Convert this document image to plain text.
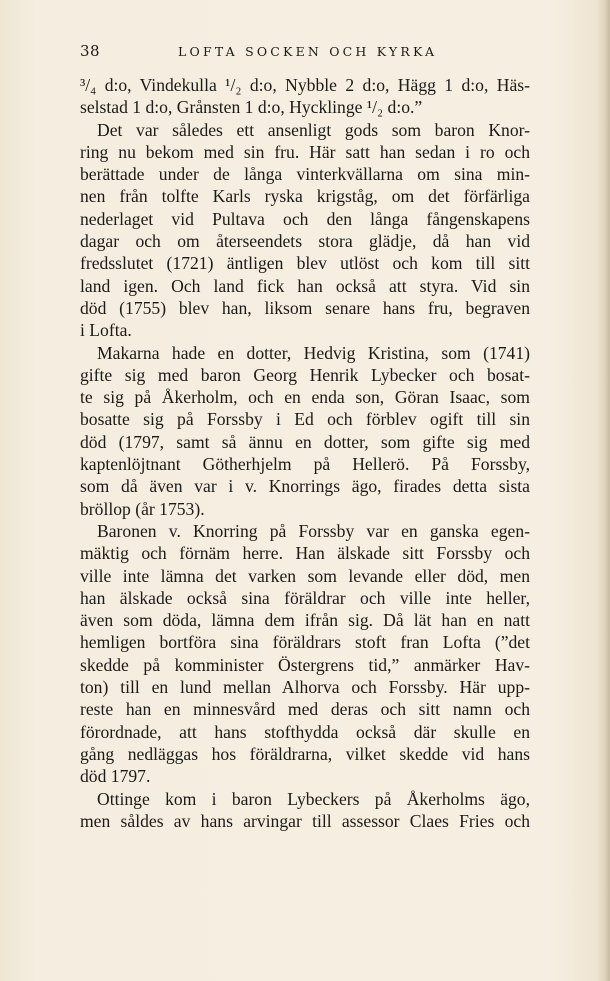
38	LOFTA SOCKEN OCH KYRKA
³/₄ d:o, Vindekulla ¹/₂ d:o, Nybble 2 d:o, Hägg 1 d:o, Häs-
selstad 1 d:o, Grånsten 1 d:o, Hycklinge ¹/₂ d:o.”
Det var således ett ansenligt gods som baron Knor-
ring nu bekom med sin fru. Här satt han sedan i ro och
berättade under de långa vinterkvällarna om sina min-
nen från tolfte Karls ryska krigståg, om det förfärliga
nederlaget vid Pultava och den långa fångenskapens
dagar och om återseendets stora glädje, då han vid
fredsslutet (1721) äntligen blev utlöst och kom till sitt
land igen. Och land fick han också att styra. Vid sin
död (1755) blev han, liksom senare hans fru, begraven
i Lofta.
Makarna hade en dotter, Hedvig Kristina, som (1741)
gifte sig med baron Georg Henrik Lybecker och bosat-
te sig på Åkerholm, och en enda son, Göran Isaac, som
bosatte sig på Forssby i Ed och förblev ogift till sin
död (1797, samt så ännu en dotter, som gifte sig med
kaptenlöjtnant Götherhjelm på Hellerö. På Forssby,
som då även var i v. Knorrings ägo, firades detta sista
bröllop (år 1753).
Baronen v. Knorring på Forssby var en ganska egen-
mäktig och förnäm herre. Han älskade sitt Forssby och
ville inte lämna det varken som levande eller död, men
han älskade också sina föräldrar och ville inte heller,
även som döda, lämna dem ifrån sig. Då lät han en natt
hemligen bortföra sina föräldrars stoft fran Lofta (”det
skedde på komminister Östergrens tid,” anmärker Hav-
ton) till en lund mellan Alhorva och Forssby. Här upp-
reste han en minnesvård med deras och sitt namn och
förordnade, att hans stofthydda också där skulle en
gång nedläggas hos föräldrarna, vilket skedde vid hans
död 1797.
Ottinge kom i baron Lybeckers på Åkerholms ägo,
men såldes av hans arvingar till assessor Claes Fries och
